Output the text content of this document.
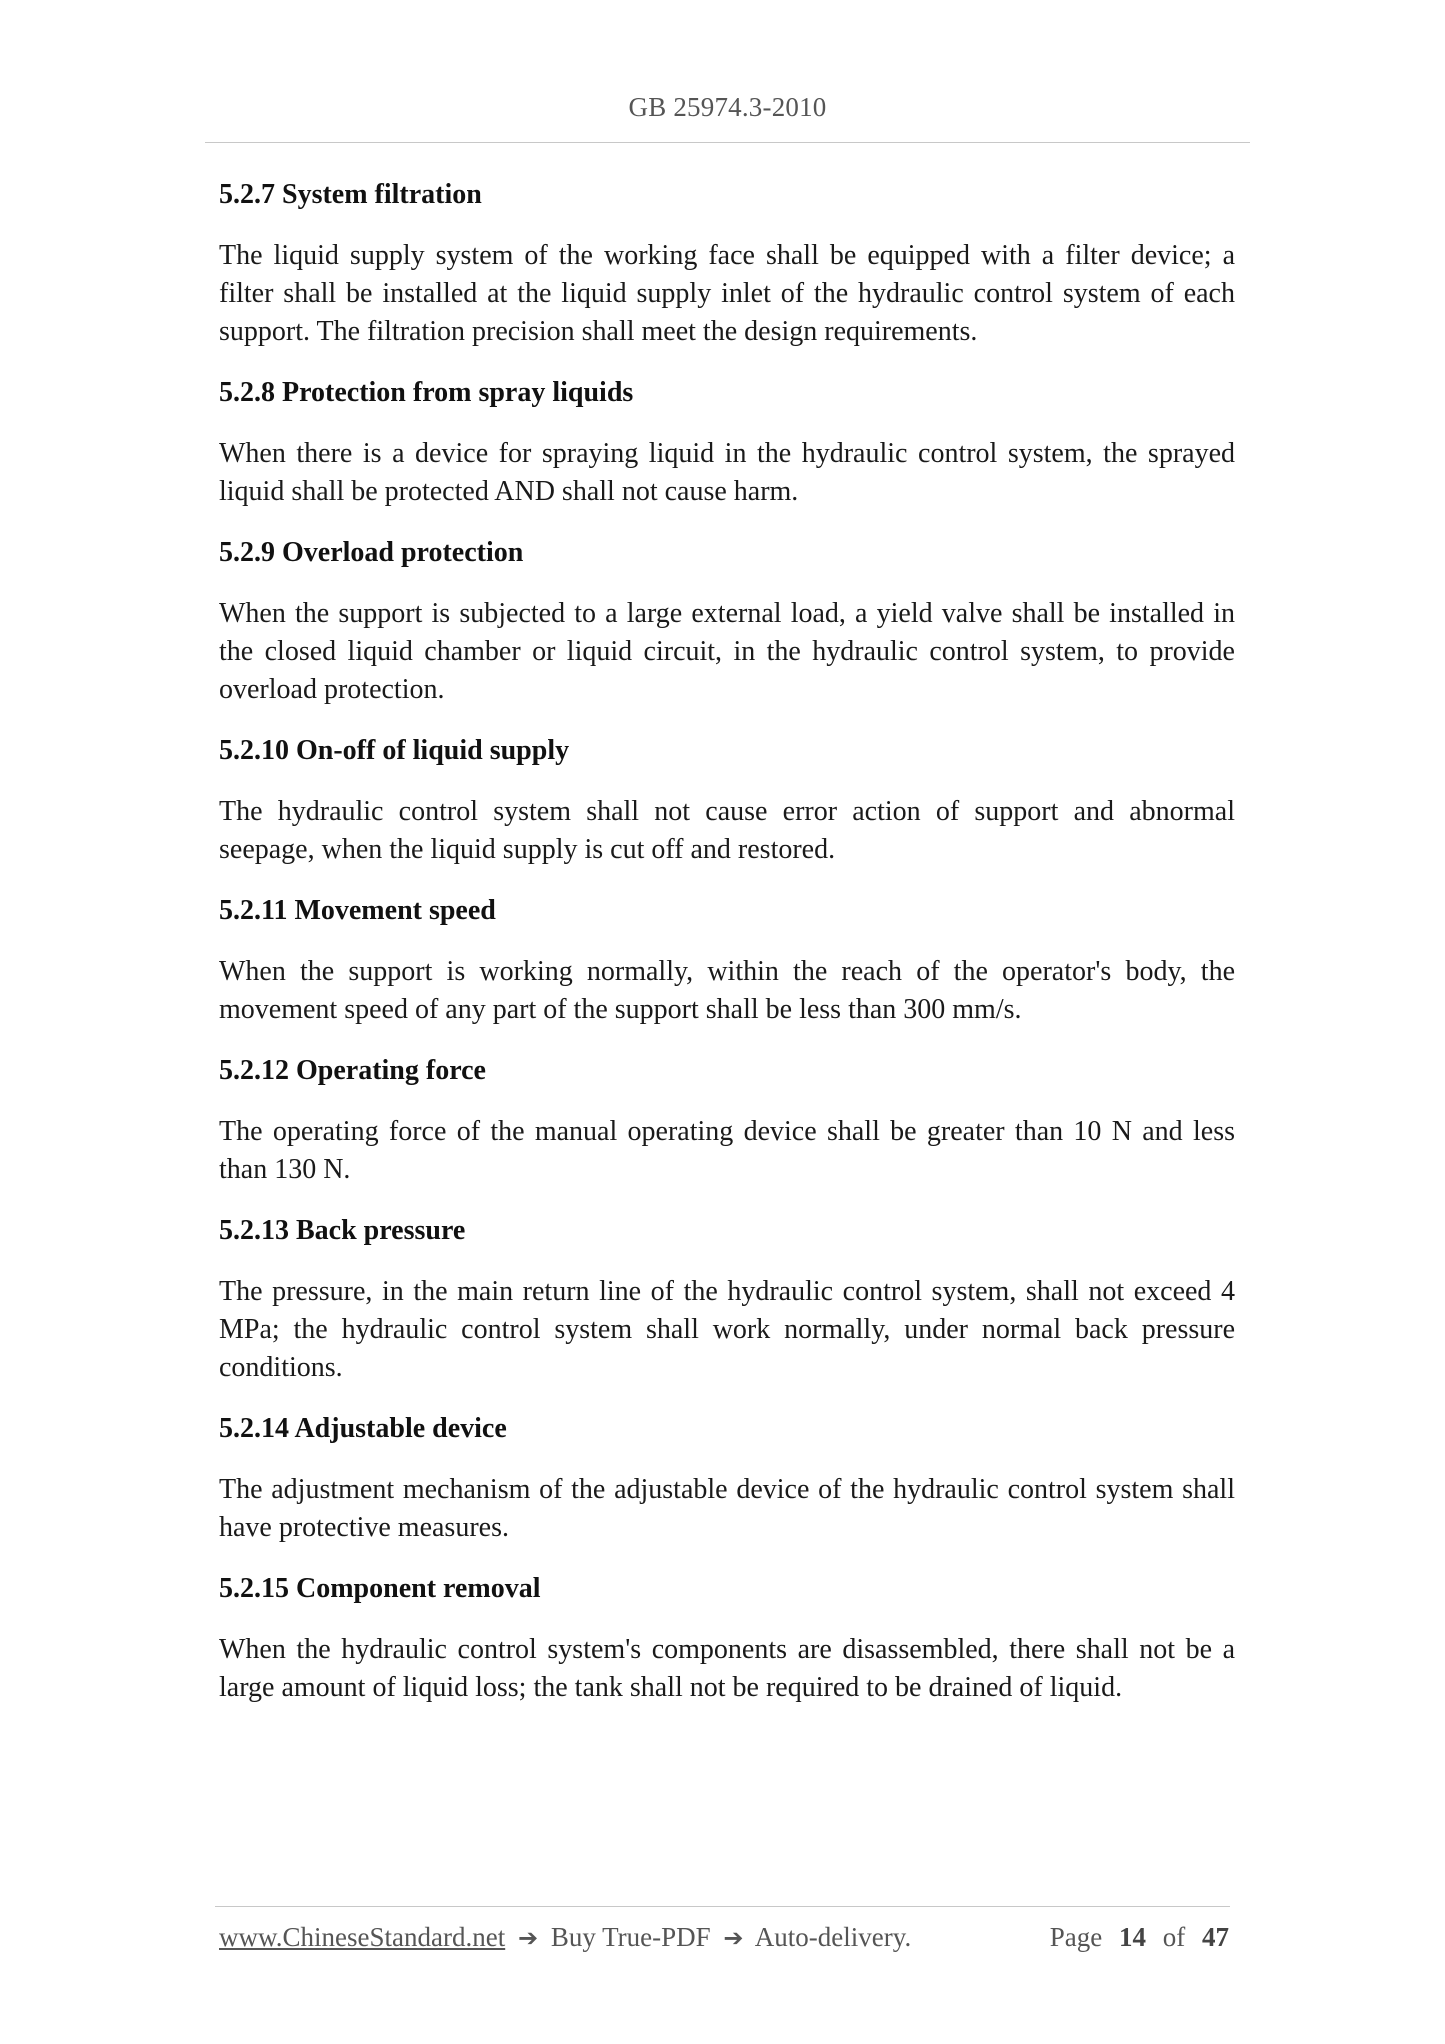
GB 25974.3-2010
5.2.7 System filtration
The liquid supply system of the working face shall be equipped with a filter device; a filter shall be installed at the liquid supply inlet of the hydraulic control system of each support. The filtration precision shall meet the design requirements.
5.2.8 Protection from spray liquids
When there is a device for spraying liquid in the hydraulic control system, the sprayed liquid shall be protected AND shall not cause harm.
5.2.9 Overload protection
When the support is subjected to a large external load, a yield valve shall be installed in the closed liquid chamber or liquid circuit, in the hydraulic control system, to provide overload protection.
5.2.10 On-off of liquid supply
The hydraulic control system shall not cause error action of support and abnormal seepage, when the liquid supply is cut off and restored.
5.2.11 Movement speed
When the support is working normally, within the reach of the operator's body, the movement speed of any part of the support shall be less than 300 mm/s.
5.2.12 Operating force
The operating force of the manual operating device shall be greater than 10 N and less than 130 N.
5.2.13 Back pressure
The pressure, in the main return line of the hydraulic control system, shall not exceed 4 MPa; the hydraulic control system shall work normally, under normal back pressure conditions.
5.2.14 Adjustable device
The adjustment mechanism of the adjustable device of the hydraulic control system shall have protective measures.
5.2.15 Component removal
When the hydraulic control system's components are disassembled, there shall not be a large amount of liquid loss; the tank shall not be required to be drained of liquid.
www.ChineseStandard.net ➔ Buy True-PDF ➔ Auto-delivery.	Page 14 of 47
